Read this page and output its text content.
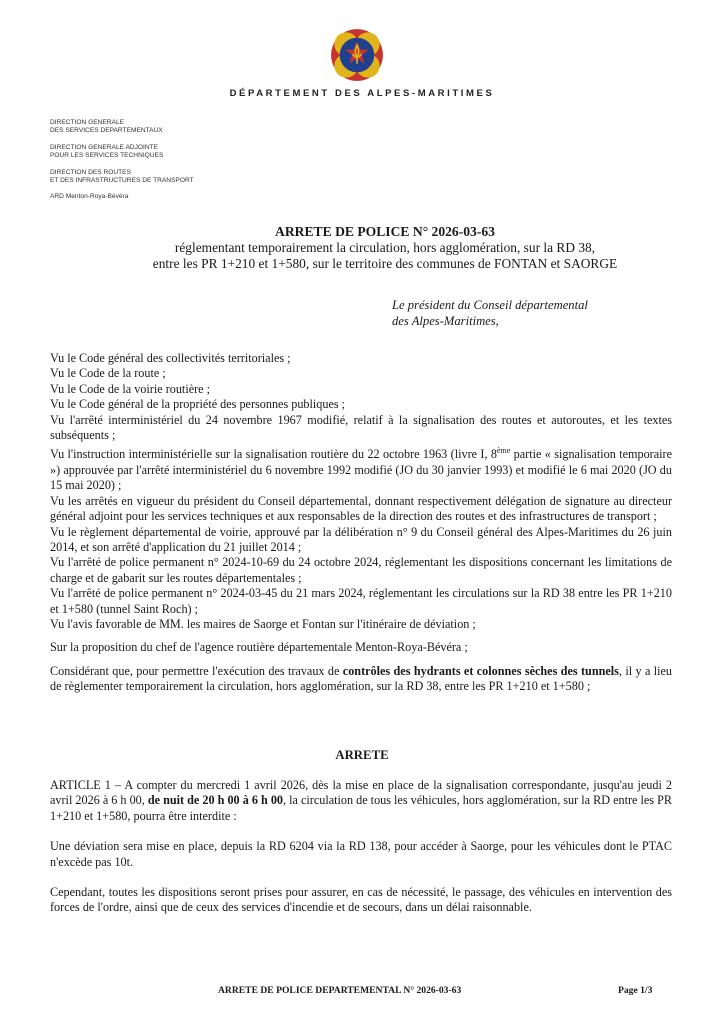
DÉPARTEMENT DES ALPES-MARITIMES
DIRECTION GENERALE
DES SERVICES DEPARTEMENTAUX
DIRECTION GENERALE ADJOINTE
POUR LES SERVICES TECHNIQUES
DIRECTION DES ROUTES
ET DES INFRASTRUCTURES DE TRANSPORT
ARD Menton-Roya-Bévéra
ARRETE DE POLICE N° 2026-03-63
réglementant temporairement la circulation, hors agglomération, sur la RD 38,
entre les PR 1+210 et 1+580, sur le territoire des communes de FONTAN et SAORGE
Le président du Conseil départemental
des Alpes-Maritimes,

Vu le Code général des collectivités territoriales ;

Vu le Code de la route ;

Vu le Code de la voirie routière ;

Vu le Code général de la propriété des personnes publiques ;

Vu l'arrêté interministériel du 24 novembre 1967 modifié, relatif à la signalisation des routes et autoroutes, et les textes subséquents ;

Vu l'instruction interministérielle sur la signalisation routière du 22 octobre 1963 (livre I, 8ème partie « signalisation temporaire ») approuvée par l'arrêté interministériel du 6 novembre 1992 modifié (JO du 30 janvier 1993) et modifié le 6 mai 2020 (JO du 15 mai 2020) ;

Vu les arrêtés en vigueur du président du Conseil départemental, donnant respectivement délégation de signature au directeur général adjoint pour les services techniques et aux responsables de la direction des routes et des infrastructures de transport ;

Vu le règlement départemental de voirie, approuvé par la délibération n° 9 du Conseil général des Alpes-Maritimes du 26 juin 2014, et son arrêté d'application du 21 juillet 2014 ;

Vu l'arrêté de police permanent n° 2024-10-69 du 24 octobre 2024, réglementant les dispositions concernant les limitations de charge et de gabarit sur les routes départementales ;

Vu l'arrêté de police permanent n° 2024-03-45 du 21 mars 2024, réglementant les circulations sur la RD 38 entre les PR 1+210 et 1+580 (tunnel Saint Roch) ;

Vu l'avis favorable de MM. les maires de Saorge et Fontan sur l'itinéraire de déviation ;

Sur la proposition du chef de l'agence routière départementale Menton-Roya-Bévéra ;

Considérant que, pour permettre l'exécution des travaux de contrôles des hydrants et colonnes sèches des tunnels, il y a lieu de règlementer temporairement la circulation, hors agglomération, sur la RD 38, entre les PR 1+210 et 1+580 ;

ARRETE

ARTICLE 1 – A compter du mercredi 1 avril 2026, dès la mise en place de la signalisation correspondante, jusqu'au jeudi 2 avril 2026 à 6 h 00, de nuit de 20 h 00 à 6 h 00, la circulation de tous les véhicules, hors agglomération, sur la RD entre les PR 1+210 et 1+580, pourra être interdite :

Une déviation sera mise en place, depuis la RD 6204 via la RD 138, pour accéder à Saorge, pour les véhicules dont le PTAC n'excède pas 10t.

Cependant, toutes les dispositions seront prises pour assurer, en cas de nécessité, le passage, des véhicules en intervention des forces de l'ordre, ainsi que de ceux des services d'incendie et de secours, dans un délai raisonnable.

ARRETE DE POLICE DEPARTEMENTAL N° 2026-03-63	Page 1/3
